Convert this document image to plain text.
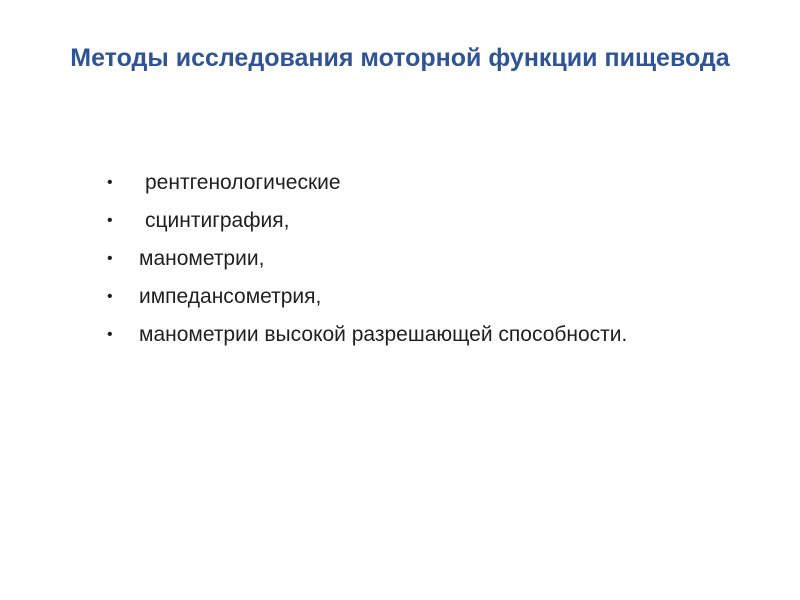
Методы исследования моторной функции пищевода
•	рентгенологические
•	сцинтиграфия,
•	манометрии,
•	импедансометрия,
•	манометрии высокой разрешающей способности.
